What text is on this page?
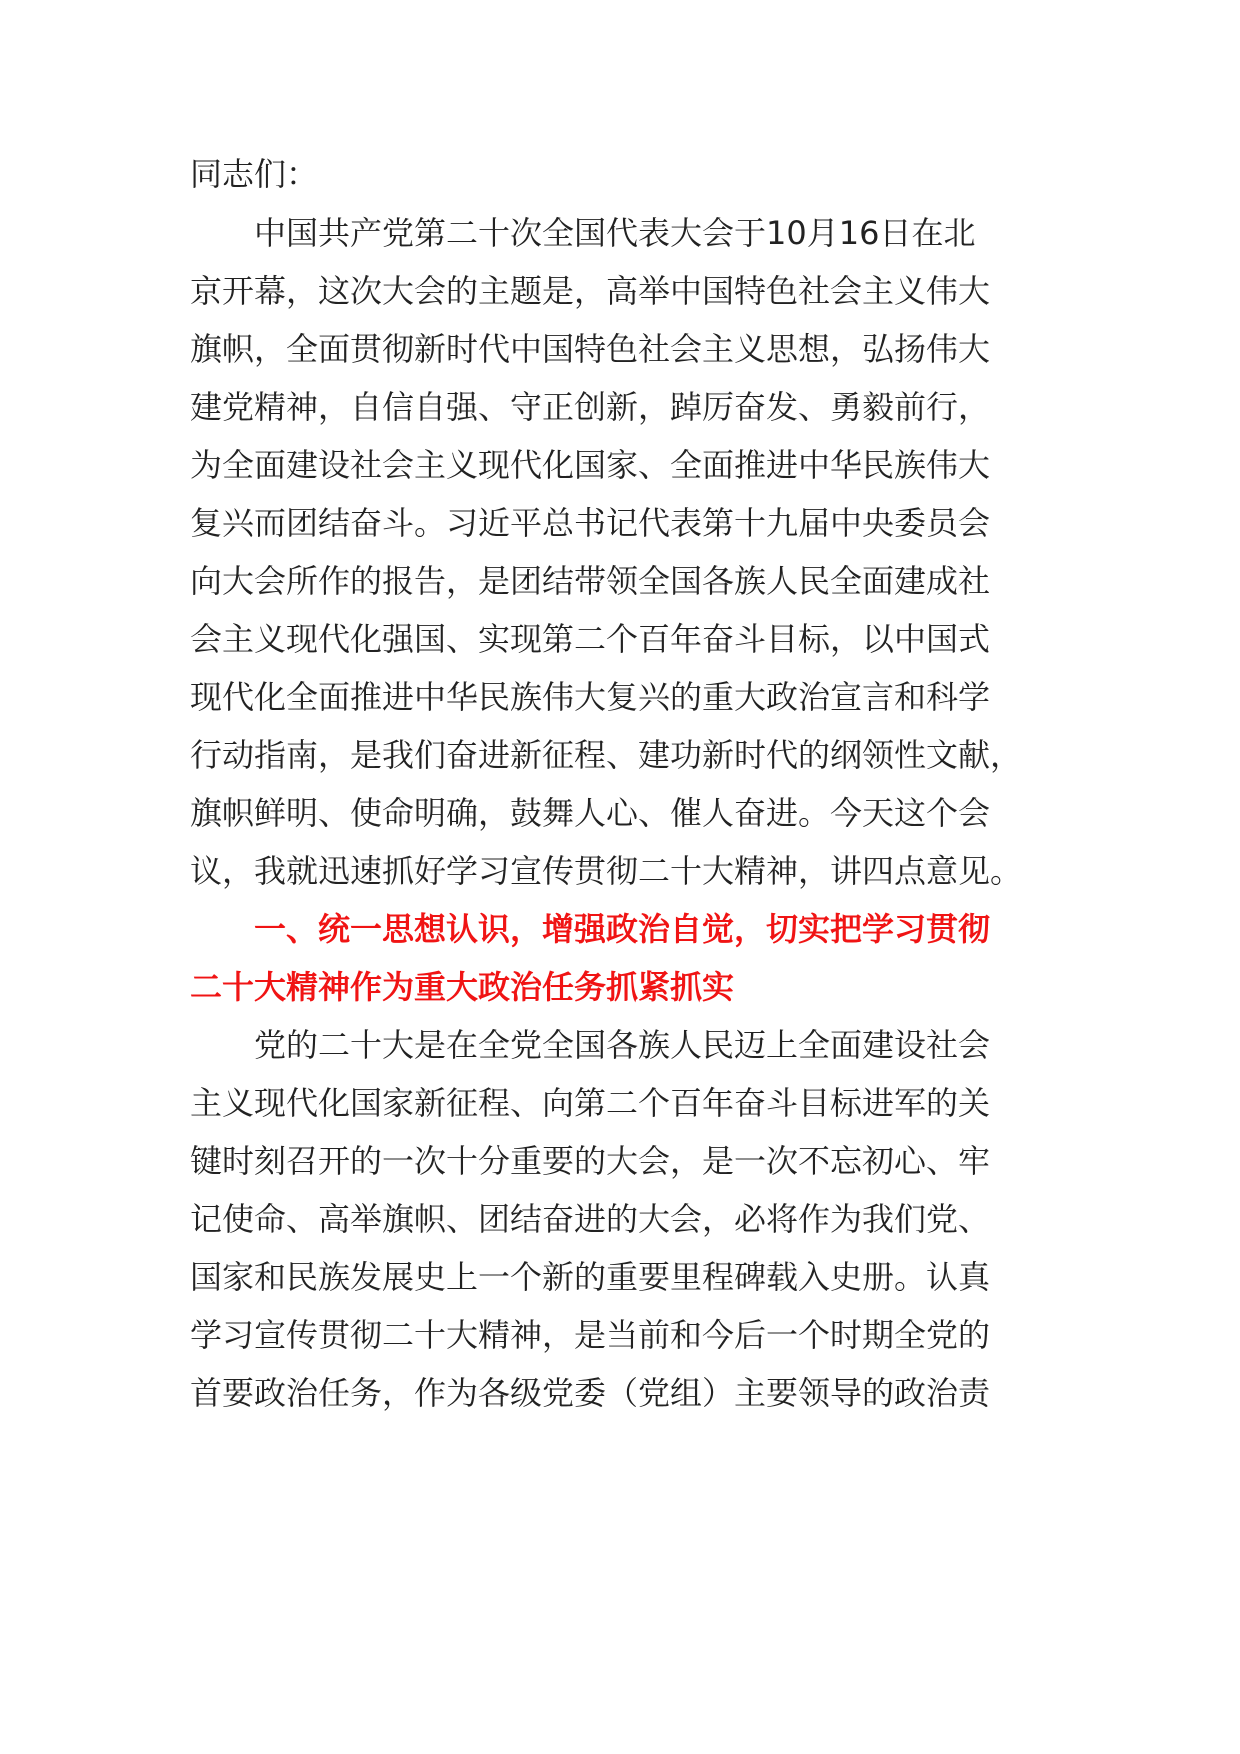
同志们：

中国共产党第二十次全国代表大会于10月16日在北

京开幕，这次大会的主题是，高举中国特色社会主义伟大

旗帜，全面贯彻新时代中国特色社会主义思想，弘扬伟大

建党精神，自信自强、守正创新，踔厉奋发、勇毅前行，

为全面建设社会主义现代化国家、全面推进中华民族伟大

复兴而团结奋斗。习近平总书记代表第十九届中央委员会

向大会所作的报告，是团结带领全国各族人民全面建成社

会主义现代化强国、实现第二个百年奋斗目标，以中国式

现代化全面推进中华民族伟大复兴的重大政治宣言和科学

行动指南，是我们奋进新征程、建功新时代的纲领性文献，

旗帜鲜明、使命明确，鼓舞人心、催人奋进。今天这个会

议，我就迅速抓好学习宣传贯彻二十大精神，讲四点意见。

一、统一思想认识，增强政治自觉，切实把学习贯彻

二十大精神作为重大政治任务抓紧抓实

党的二十大是在全党全国各族人民迈上全面建设社会

主义现代化国家新征程、向第二个百年奋斗目标进军的关

键时刻召开的一次十分重要的大会，是一次不忘初心、牢

记使命、高举旗帜、团结奋进的大会，必将作为我们党、

国家和民族发展史上一个新的重要里程碑载入史册。认真

学习宣传贯彻二十大精神，是当前和今后一个时期全党的

首要政治任务，作为各级党委（党组）主要领导的政治责
